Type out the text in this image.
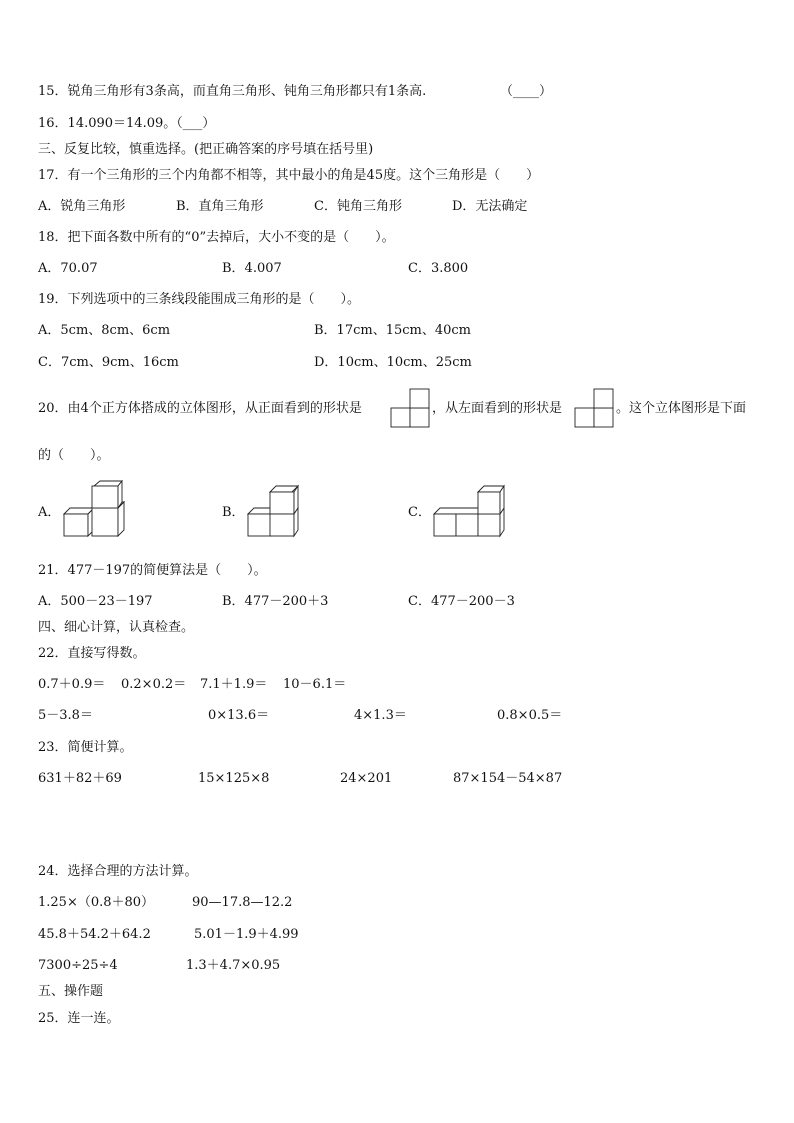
15．锐角三角形有3条高，而直角三角形、钝角三角形都只有1条高.	（____）
16．14.090＝14.09。（___）
三、反复比较，慎重选择。(把正确答案的序号填在括号里)
17．有一个三角形的三个内角都不相等，其中最小的角是45度。这个三角形是（　　）
A．锐角三角形	B．直角三角形	C．钝角三角形	D．无法确定
18．把下面各数中所有的“0”去掉后，大小不变的是（　　）。
A．70.07	B．4.007	C．3.800
19．下列选项中的三条线段能围成三角形的是（　　）。
A．5cm、8cm、6cm	B．17cm、15cm、40cm
C．7cm、9cm、16cm	D．10cm、10cm、25cm
20．由4个正方体搭成的立体图形，从正面看到的形状是	，从左面看到的形状是	。这个立体图形是下面
的（　　）。
A．	B．	C．
21．477－197的简便算法是（　　）。
A．500－23－197	B．477－200＋3	C．477－200－3
四、细心计算，认真检查。
22．直接写得数。
0.7＋0.9＝ 0.2×0.2＝ 7.1＋1.9＝ 10－6.1＝
5－3.8＝	0×13.6＝	4×1.3＝	0.8×0.5＝
23．简便计算。
631＋82＋69	15×125×8	24×201	87×154－54×87
24．选择合理的方法计算。
1.25×（0.8＋80）	90—17.8—12.2
45.8＋54.2＋64.2	5.01－1.9＋4.99
7300÷25÷4	1.3＋4.7×0.95
五、操作题
25．连一连。
